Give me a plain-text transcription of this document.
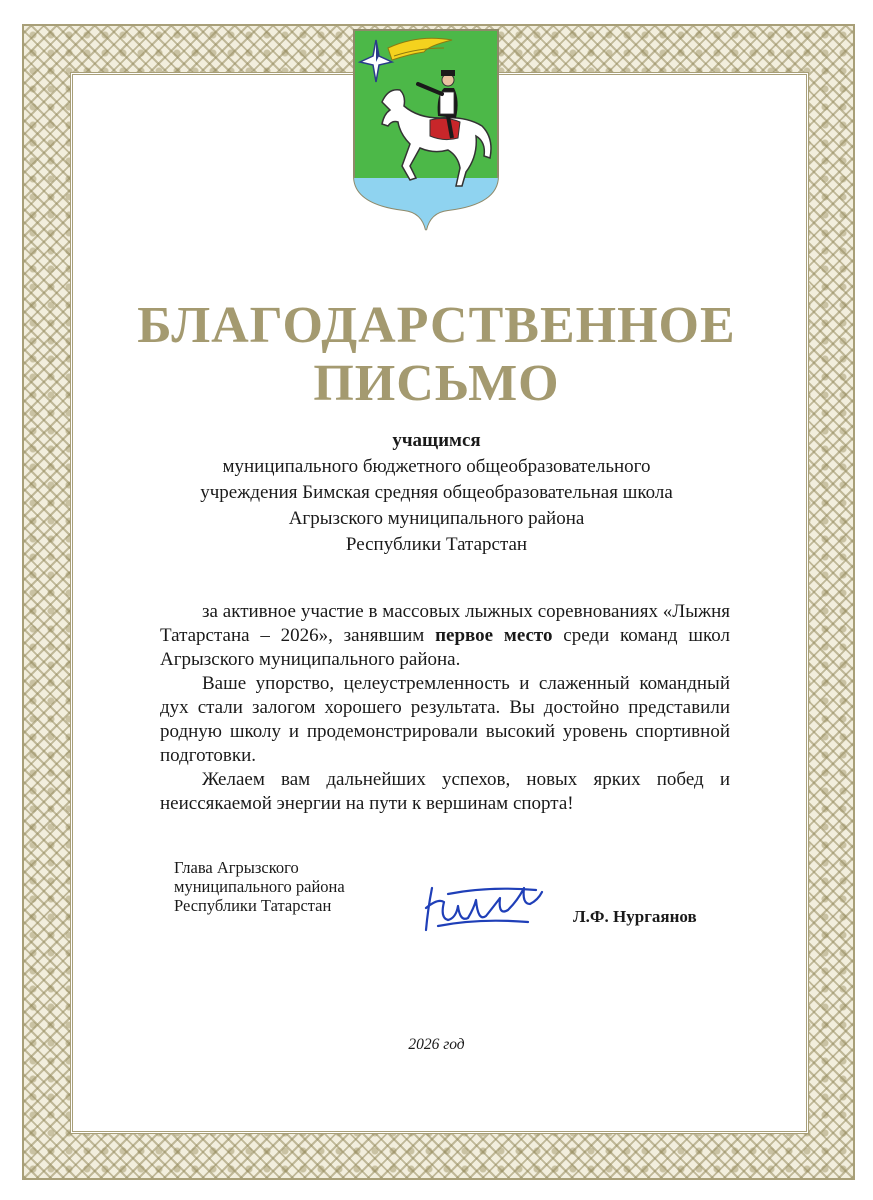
БЛАГОДАРСТВЕННОЕ
ПИСЬМО
учащимся
муниципального бюджетного общеобразовательного
учреждения Бимская средняя общеобразовательная школа
Агрызского муниципального района
Республики Татарстан

за активное участие в массовых лыжных соревнованиях «Лыжня Татарстана – 2026», занявшим первое место среди команд школ Агрызского муниципального района.

Ваше упорство, целеустремленность и слаженный командный дух стали залогом хорошего результата. Вы достойно представили родную школу и продемонстрировали высокий уровень спортивной подготовки.

Желаем вам дальнейших успехов, новых ярких побед и неиссякаемой энергии на пути к вершинам спорта!

Глава Агрызского
муниципального района
Республики Татарстан
Л.Ф. Нургаянов
2026 год
